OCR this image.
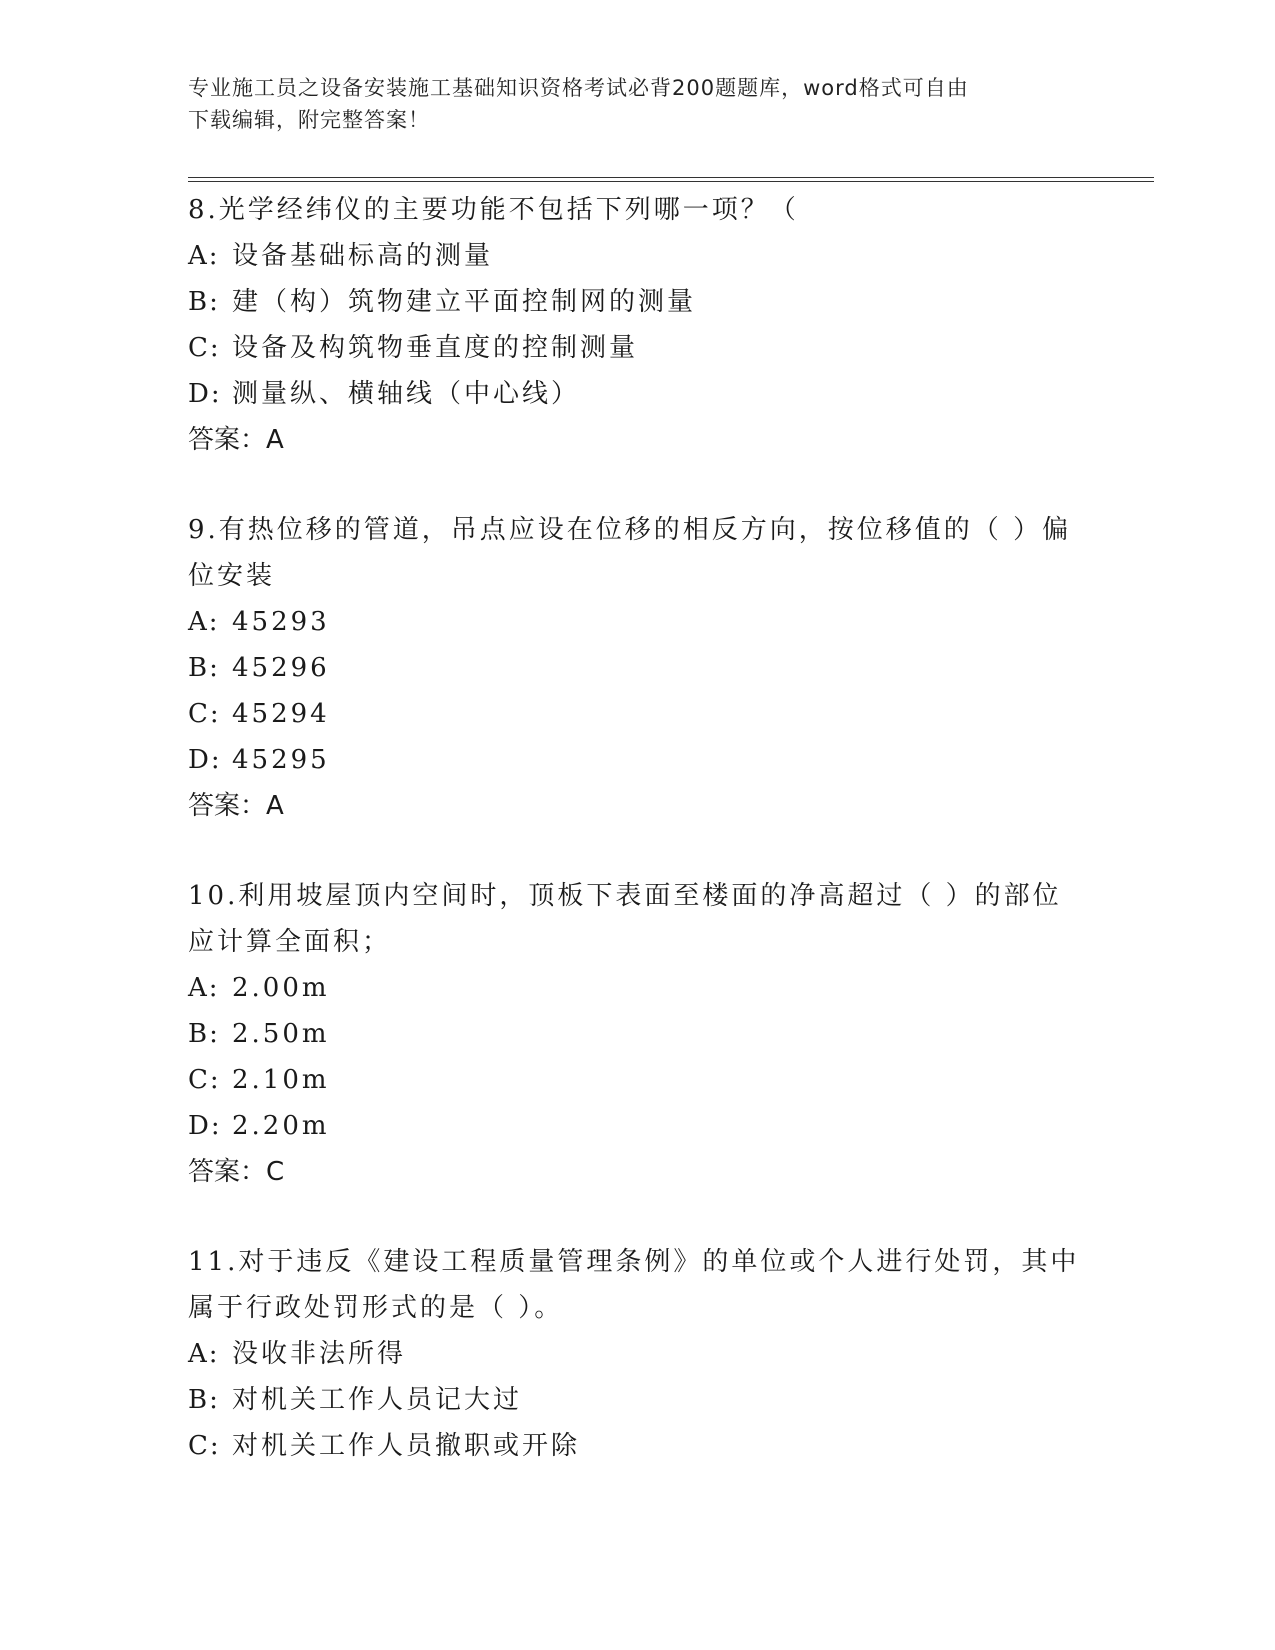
专业施工员之设备安装施工基础知识资格考试必背200题题库，word格式可自由
下载编辑，附完整答案！
8.光学经纬仪的主要功能不包括下列哪一项？（
A: 设备基础标高的测量
B: 建（构）筑物建立平面控制网的测量
C: 设备及构筑物垂直度的控制测量
D: 测量纵、横轴线（中心线）
答案：A
9.有热位移的管道，吊点应设在位移的相反方向，按位移值的（ ）偏
位安装
A: 45293
B: 45296
C: 45294
D: 45295
答案：A
10.利用坡屋顶内空间时，顶板下表面至楼面的净高超过（ ）的部位
应计算全面积；
A: 2.00m
B: 2.50m
C: 2.10m
D: 2.20m
答案：C
11.对于违反《建设工程质量管理条例》的单位或个人进行处罚，其中
属于行政处罚形式的是（ ）。
A: 没收非法所得
B: 对机关工作人员记大过
C: 对机关工作人员撤职或开除
